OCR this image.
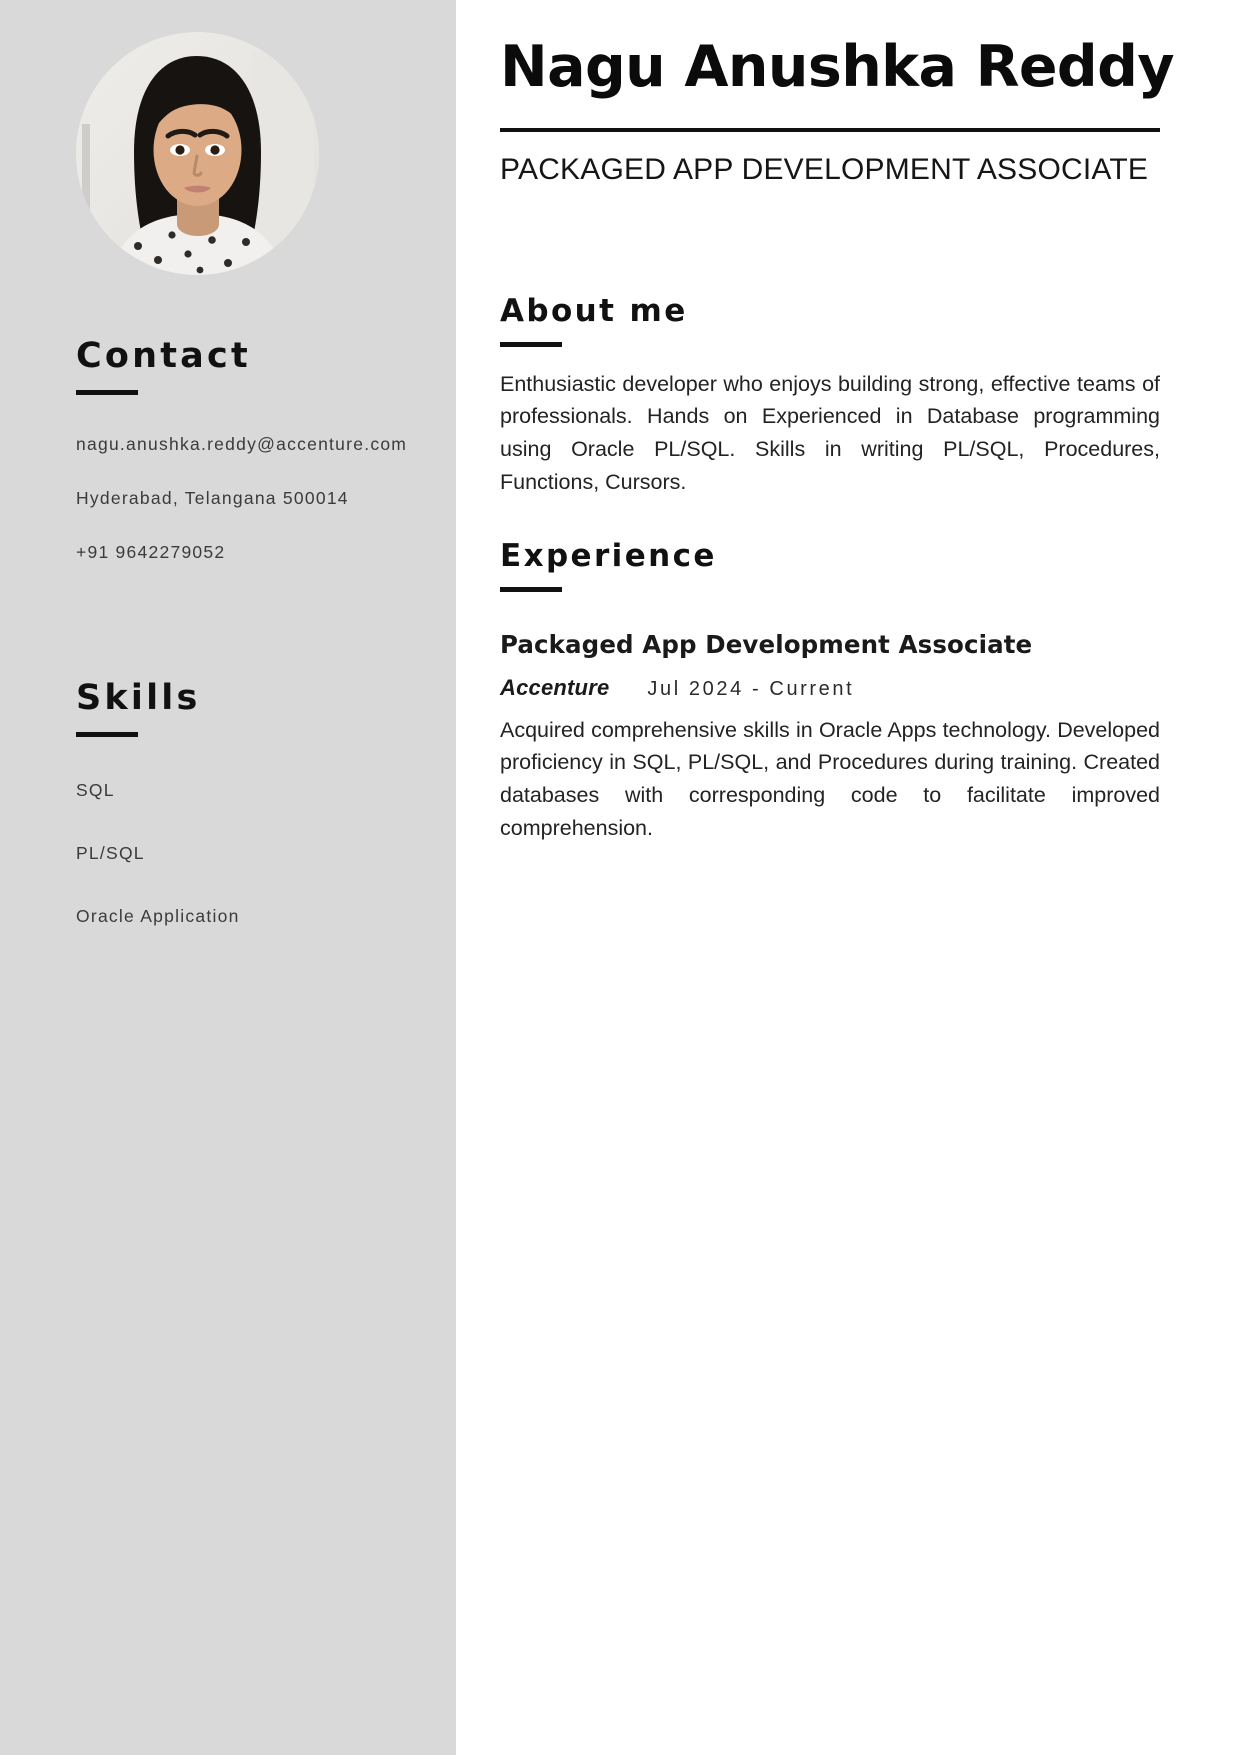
Contact

nagu.anushka.reddy@accenture.com

Hyderabad, Telangana 500014

+91 9642279052

Skills

SQL

PL/SQL

Oracle Application

Nagu Anushka Reddy

PACKAGED APP DEVELOPMENT ASSOCIATE

About me

Enthusiastic developer who enjoys building strong, effective teams of professionals. Hands on Experienced in Database programming using Oracle PL/SQL. Skills in writing PL/SQL, Procedures, Functions, Cursors.

Experience
Packaged App Development Associate
Accenture Jul 2024 - Current

Acquired comprehensive skills in Oracle Apps technology. Developed proficiency in SQL, PL/SQL, and Procedures during training. Created databases with corresponding code to facilitate improved comprehension.
